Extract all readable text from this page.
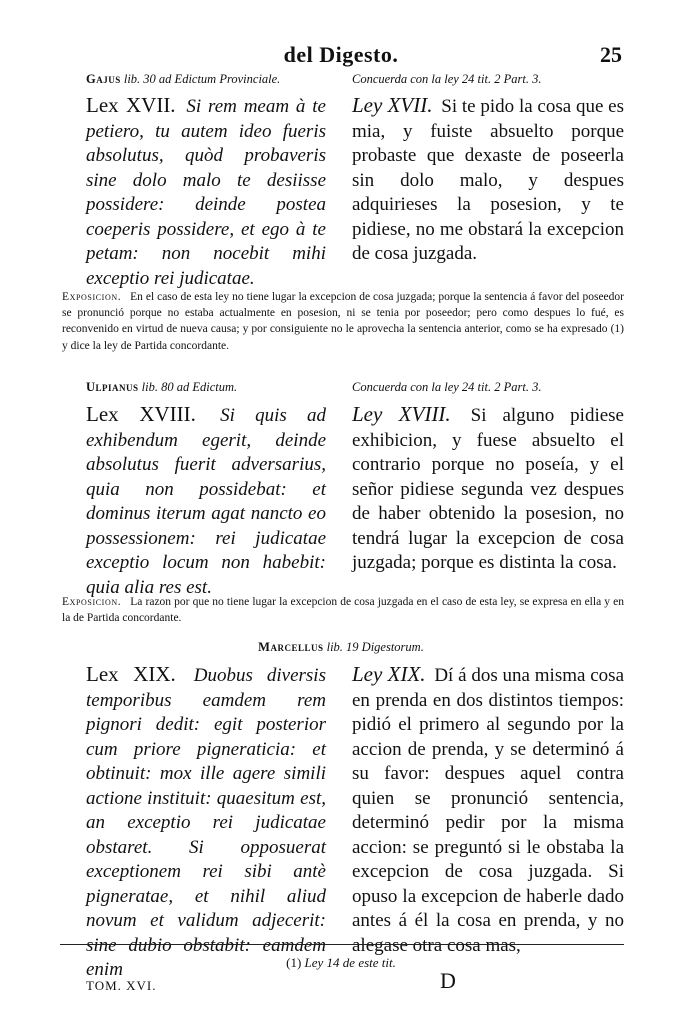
del Digesto.	25
Gajus lib. 30 ad Edictum Provinciale.	Concuerda con la ley 24 tit. 2 Part. 3.

Lex XVII. Si rem meam à te petiero, tu autem ideo fueris absolutus, quòd probaveris sine dolo malo te desiisse possidere: deinde postea coeperis possidere, et ego à te petam: non nocebit mihi exceptio rei judicatae.

Ley XVII. Si te pido la cosa que es mia, y fuiste absuelto porque probaste que dexaste de poseerla sin dolo malo, y despues adquirieses la posesion, y te pidiese, no me obstará la excepcion de cosa juzgada.

Exposicion. En el caso de esta ley no tiene lugar la excepcion de cosa juzgada; porque la sentencia á favor del poseedor se pronunció porque no estaba actualmente en posesion, ni se tenia por poseedor; pero como despues lo fué, es reconvenido en virtud de nueva causa; y por consiguiente no le aprovecha la sentencia anterior, como se ha expresado (1) y dice la ley de Partida concordante.

Ulpianus lib. 80 ad Edictum.	Concuerda con la ley 24 tit. 2 Part. 3.

Lex XVIII. Si quis ad exhibendum egerit, deinde absolutus fuerit adversarius, quia non possidebat: et dominus iterum agat nancto eo possessionem: rei judicatae exceptio locum non habebit: quia alia res est.

Ley XVIII. Si alguno pidiese exhibicion, y fuese absuelto el contrario porque no poseía, y el señor pidiese segunda vez despues de haber obtenido la posesion, no tendrá lugar la excepcion de cosa juzgada; porque es distinta la cosa.

Exposicion. La razon por que no tiene lugar la excepcion de cosa juzgada en el caso de esta ley, se expresa en ella y en la de Partida concordante.

Marcellus lib. 19 Digestorum.

Lex XIX. Duobus diversis temporibus eamdem rem pignori dedit: egit posterior cum priore pigneraticia: et obtinuit: mox ille agere simili actione instituit: quaesitum est, an exceptio rei judicatae obstaret. Si opposuerat exceptionem rei sibi antè pigneratae, et nihil aliud novum et validum adjecerit: sine dubio obstabit: eamdem enim

Ley XIX. Dí á dos una misma cosa en prenda en dos distintos tiempos: pidió el primero al segundo por la accion de prenda, y se determinó á su favor: despues aquel contra quien se pronunció sentencia, determinó pedir por la misma accion: se preguntó si le obstaba la excepcion de cosa juzgada. Si opuso la excepcion de haberle dado antes á él la cosa en prenda, y no alegase otra cosa mas,

(1) Ley 14 de este tit.
TOM. XVI.	D
